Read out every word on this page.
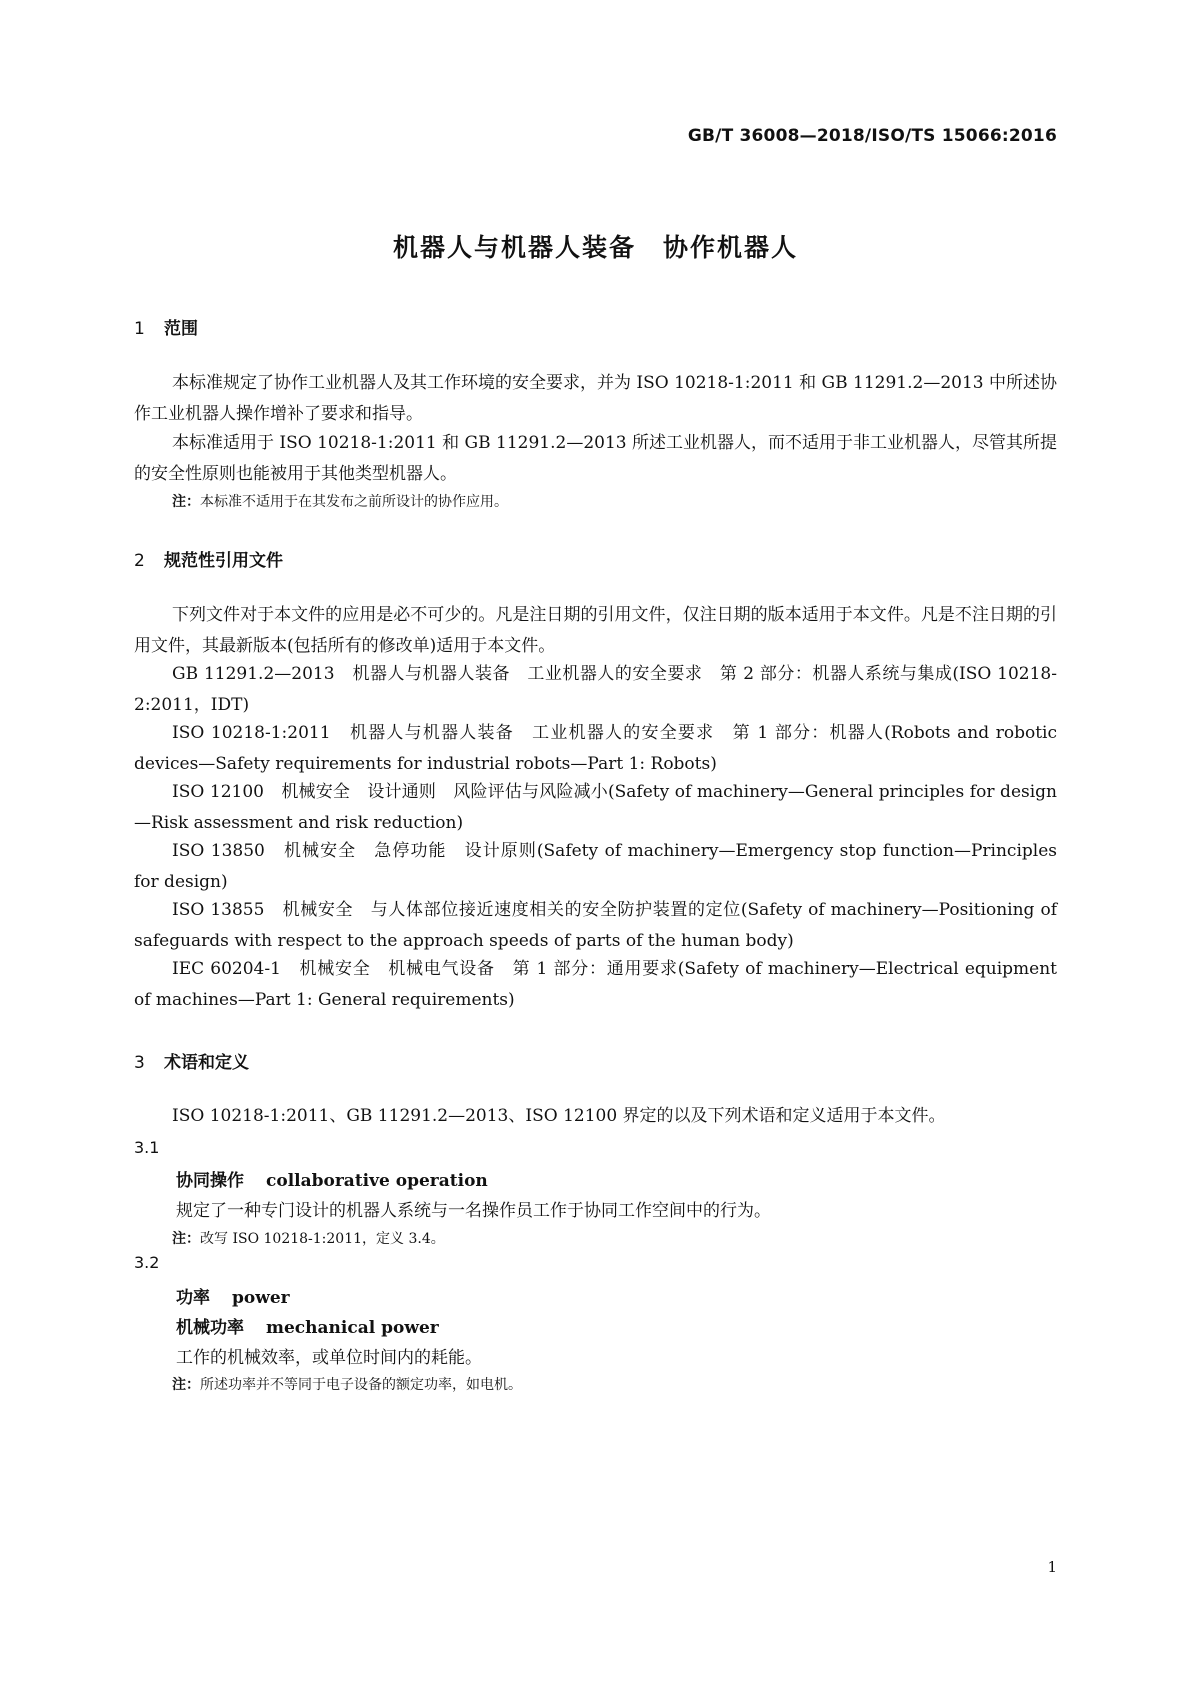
GB/T 36008—2018/ISO/TS 15066:2016
机器人与机器人装备　协作机器人
1 范围
本标准规定了协作工业机器人及其工作环境的安全要求，并为 ISO 10218-1:2011 和 GB 11291.2—2013 中所述协作工业机器人操作增补了要求和指导。
本标准适用于 ISO 10218-1:2011 和 GB 11291.2—2013 所述工业机器人，而不适用于非工业机器人，尽管其所提的安全性原则也能被用于其他类型机器人。
注：本标准不适用于在其发布之前所设计的协作应用。
2 规范性引用文件
下列文件对于本文件的应用是必不可少的。凡是注日期的引用文件，仅注日期的版本适用于本文件。凡是不注日期的引用文件，其最新版本(包括所有的修改单)适用于本文件。
GB 11291.2—2013　机器人与机器人装备　工业机器人的安全要求　第 2 部分：机器人系统与集成(ISO 10218-2:2011，IDT)
ISO 10218-1:2011　机器人与机器人装备　工业机器人的安全要求　第 1 部分：机器人(Robots and robotic devices—Safety requirements for industrial robots—Part 1: Robots)
ISO 12100　机械安全　设计通则　风险评估与风险减小(Safety of machinery—General principles for design—Risk assessment and risk reduction)
ISO 13850　机械安全　急停功能　设计原则(Safety of machinery—Emergency stop function—Principles for design)
ISO 13855　机械安全　与人体部位接近速度相关的安全防护装置的定位(Safety of machinery—Positioning of safeguards with respect to the approach speeds of parts of the human body)
IEC 60204-1　机械安全　机械电气设备　第 1 部分：通用要求(Safety of machinery—Electrical equipment of machines—Part 1: General requirements)
3 术语和定义
ISO 10218-1:2011、GB 11291.2—2013、ISO 12100 界定的以及下列术语和定义适用于本文件。
3.1
协同操作 collaborative operation
规定了一种专门设计的机器人系统与一名操作员工作于协同工作空间中的行为。
注：改写 ISO 10218-1:2011，定义 3.4。
3.2
功率 power
机械功率 mechanical power
工作的机械效率，或单位时间内的耗能。
注：所述功率并不等同于电子设备的额定功率，如电机。
1
